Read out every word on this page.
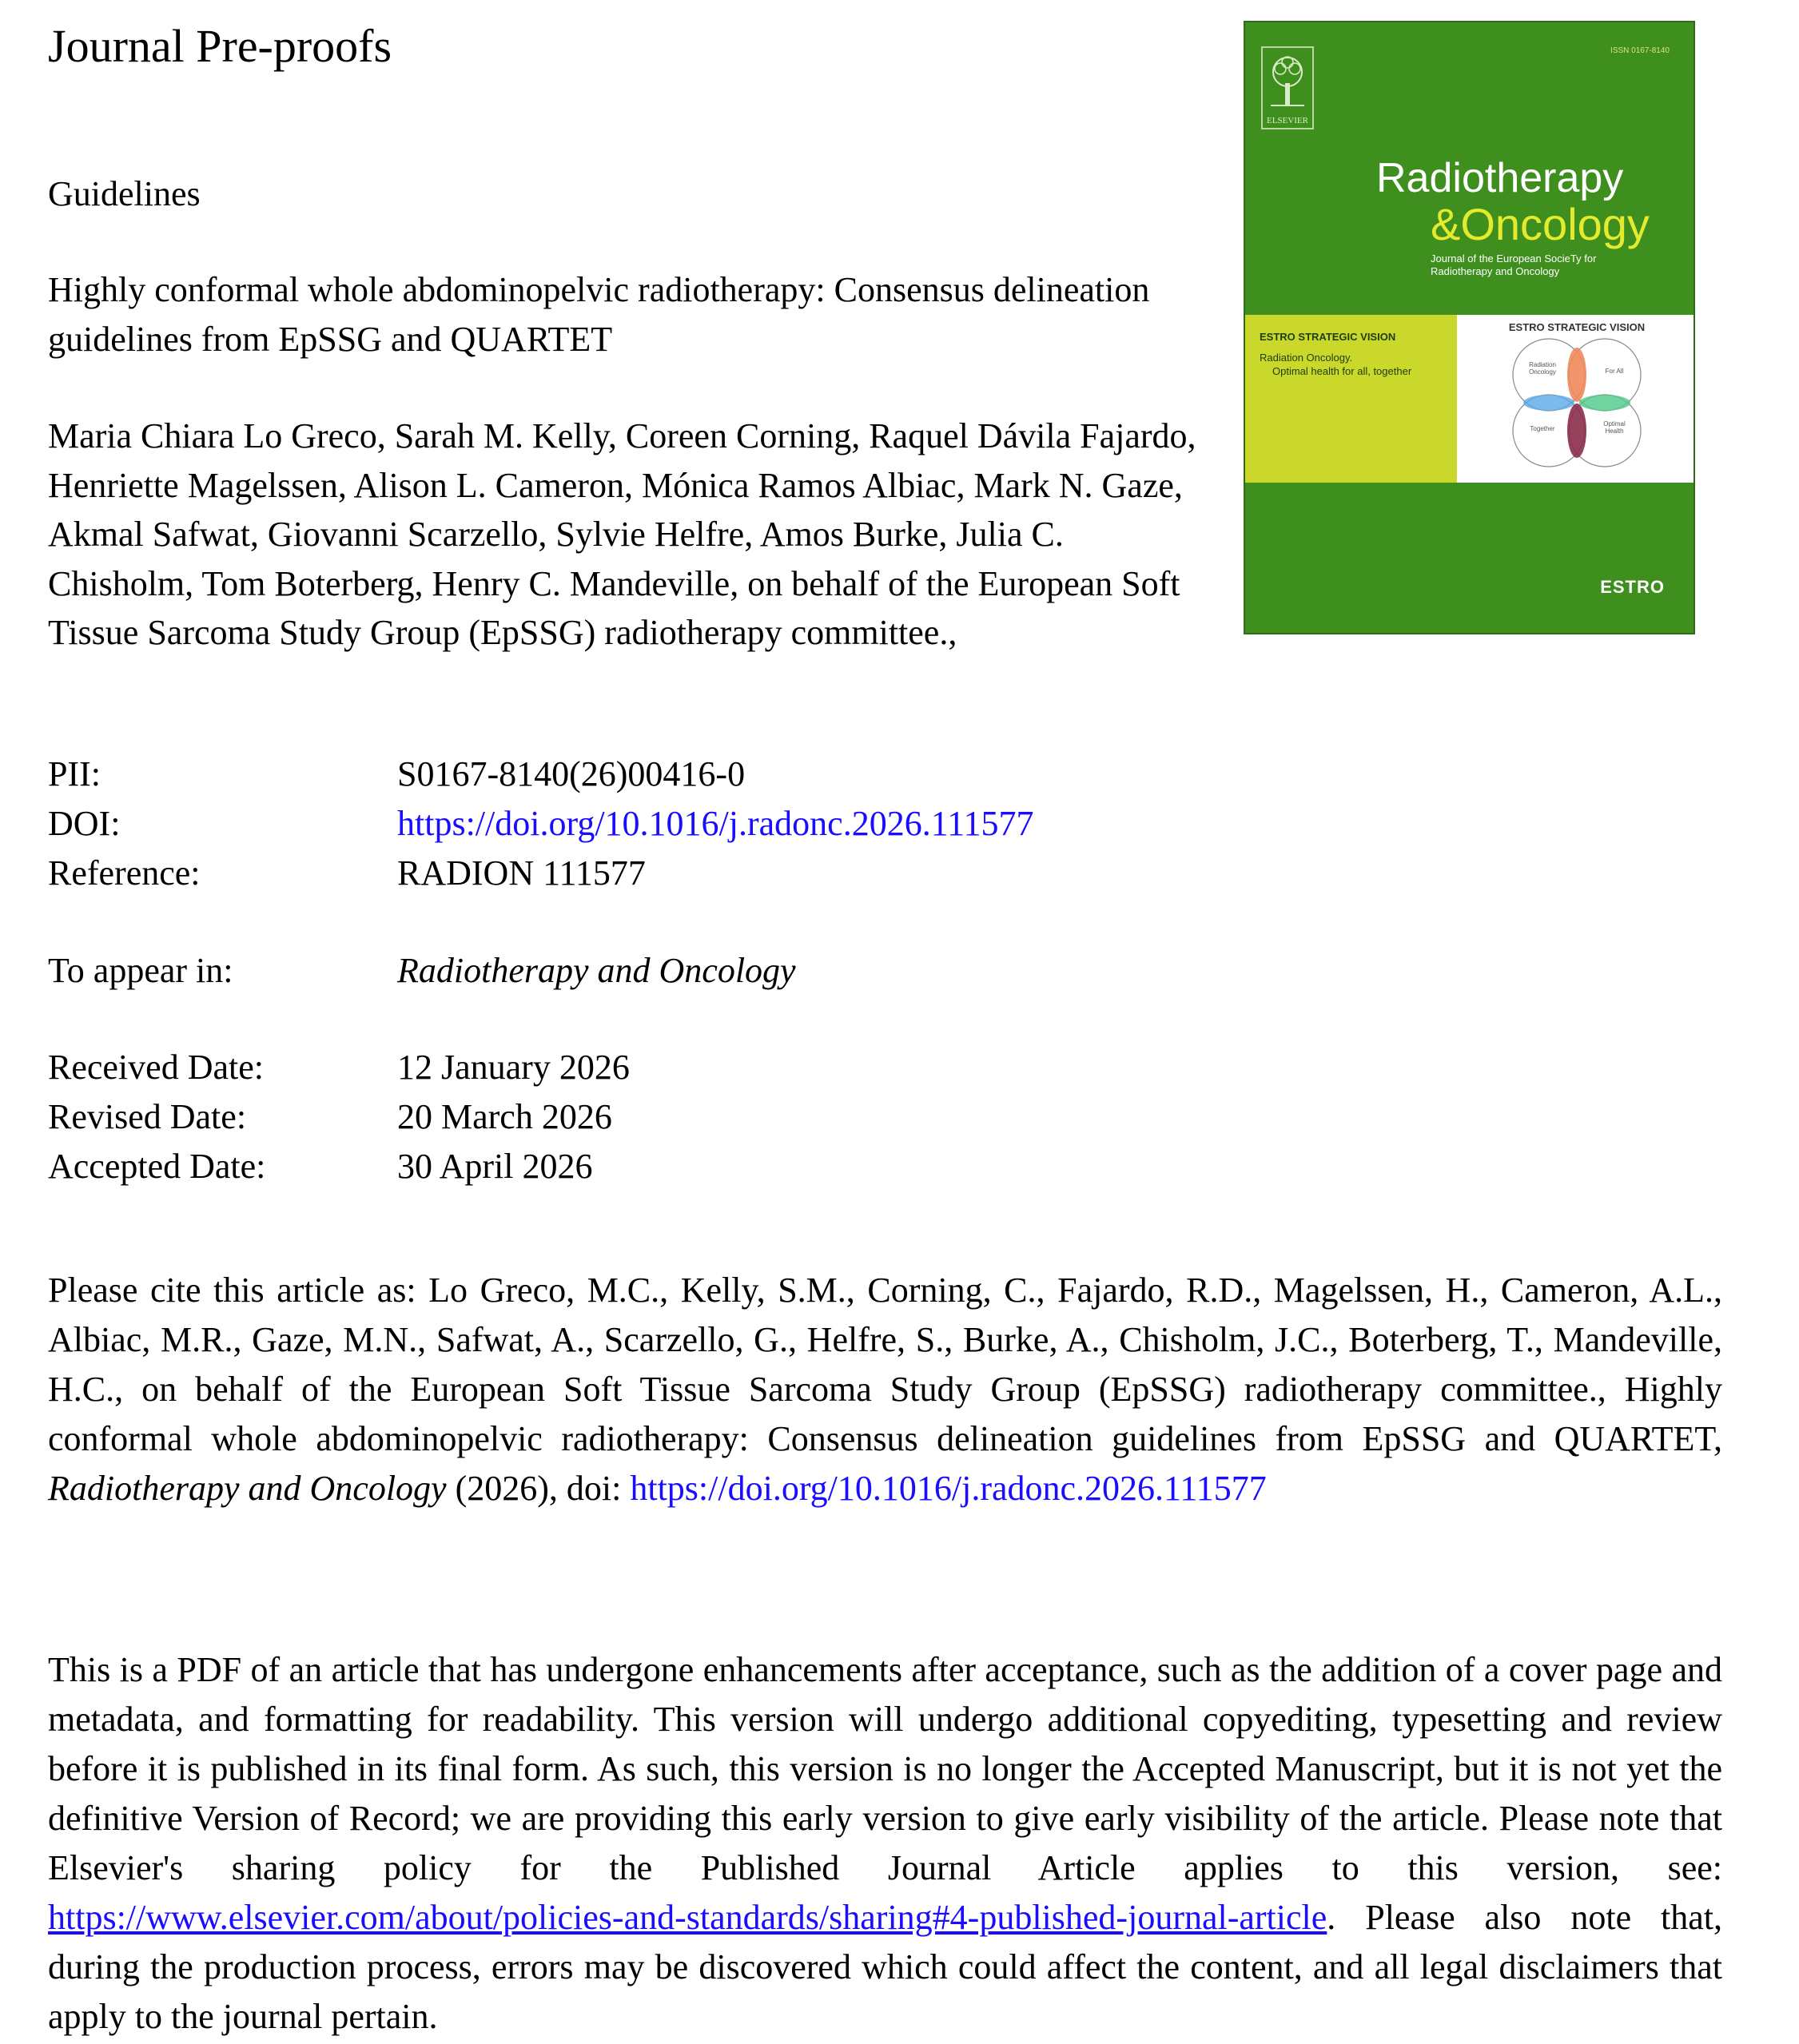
Journal Pre-proofs
Guidelines
Highly conformal whole abdominopelvic radiotherapy: Consensus delineation guidelines from EpSSG and QUARTET
Maria Chiara Lo Greco, Sarah M. Kelly, Coreen Corning, Raquel Dávila Fajardo, Henriette Magelssen, Alison L. Cameron, Mónica Ramos Albiac, Mark N. Gaze, Akmal Safwat, Giovanni Scarzello, Sylvie Helfre, Amos Burke, Julia C. Chisholm, Tom Boterberg, Henry C. Mandeville, on behalf of the European Soft Tissue Sarcoma Study Group (EpSSG) radiotherapy committee.,
PII:	S0167-8140(26)00416-0
DOI:	https://doi.org/10.1016/j.radonc.2026.111577
Reference:	RADION 111577
To appear in:	Radiotherapy and Oncology
Received Date:	12 January 2026
Revised Date:	20 March 2026
Accepted Date:	30 April 2026
Please cite this article as: Lo Greco, M.C., Kelly, S.M., Corning, C., Fajardo, R.D., Magelssen, H., Cameron, A.L., Albiac, M.R., Gaze, M.N., Safwat, A., Scarzello, G., Helfre, S., Burke, A., Chisholm, J.C., Boterberg, T., Mandeville, H.C., on behalf of the European Soft Tissue Sarcoma Study Group (EpSSG) radiotherapy committee., Highly conformal whole abdominopelvic radiotherapy: Consensus delineation guidelines from EpSSG and QUARTET, Radiotherapy and Oncology (2026), doi: https://doi.org/10.1016/j.radonc.2026.111577
This is a PDF of an article that has undergone enhancements after acceptance, such as the addition of a cover page and metadata, and formatting for readability. This version will undergo additional copyediting, typesetting and review before it is published in its final form. As such, this version is no longer the Accepted Manuscript, but it is not yet the definitive Version of Record; we are providing this early version to give early visibility of the article. Please note that Elsevier's sharing policy for the Published Journal Article applies to this version, see: https://www.elsevier.com/about/policies-and-standards/sharing#4-published-journal-article. Please also note that, during the production process, errors may be discovered which could affect the content, and all legal disclaimers that apply to the journal pertain.
ELSEVIER
ISSN 0167-8140
Radiotherapy
&Oncology
Journal of the European SocieTy for Radiotherapy and Oncology
ESTRO STRATEGIC VISION
Radiation Oncology.
Optimal health for all, together
ESTRO STRATEGIC VISION
Radiation Oncology	For All
Together
Optimal Health
ESTRO
